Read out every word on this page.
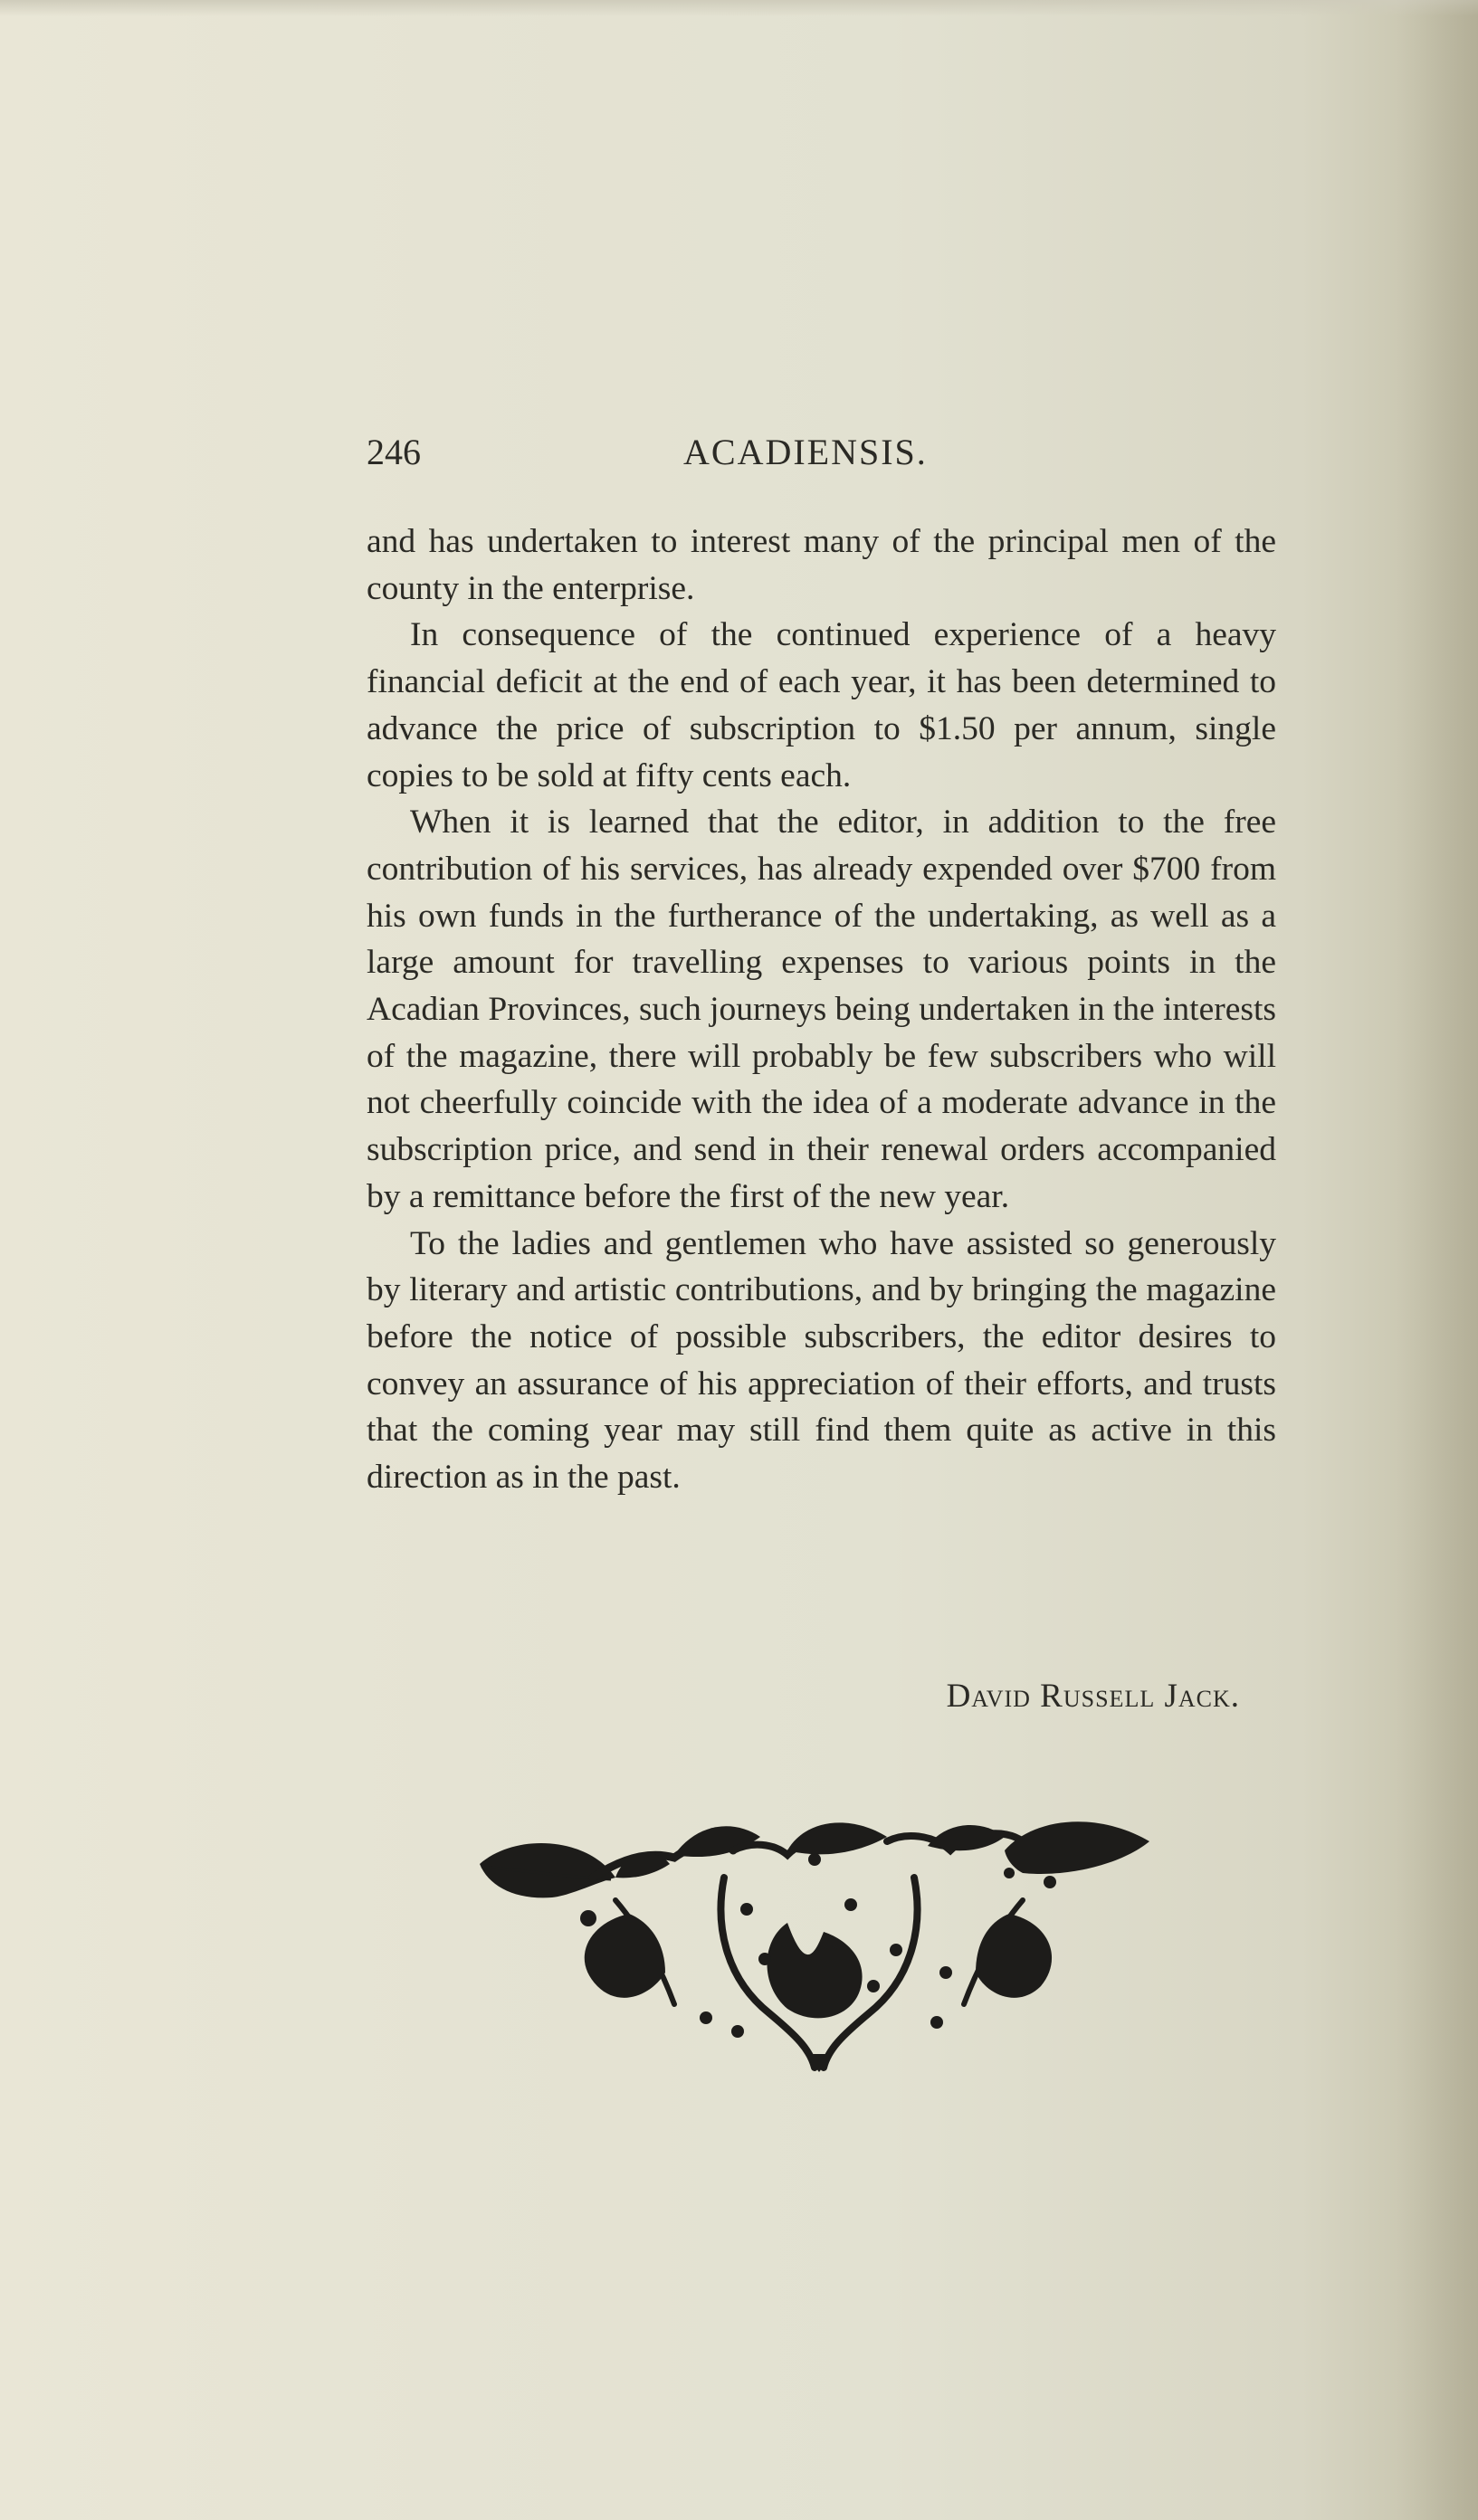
246	ACADIENSIS.

and has undertaken to interest many of the principal men of the county in the enterprise.

In consequence of the continued experience of a heavy financial deficit at the end of each year, it has been determined to advance the price of subscription to $1.50 per annum, single copies to be sold at fifty cents each.

When it is learned that the editor, in addition to the free contribution of his services, has already expended over $700 from his own funds in the furtherance of the undertaking, as well as a large amount for travelling expenses to various points in the Acadian Provinces, such journeys being undertaken in the interests of the magazine, there will probably be few subscribers who will not cheerfully coincide with the idea of a moderate advance in the subscription price, and send in their renewal orders accompanied by a remittance before the first of the new year.

To the ladies and gentlemen who have assisted so generously by literary and artistic contributions, and by bringing the magazine before the notice of possible subscribers, the editor desires to convey an assurance of his appreciation of their efforts, and trusts that the coming year may still find them quite as active in this direction as in the past.

David Russell Jack.
